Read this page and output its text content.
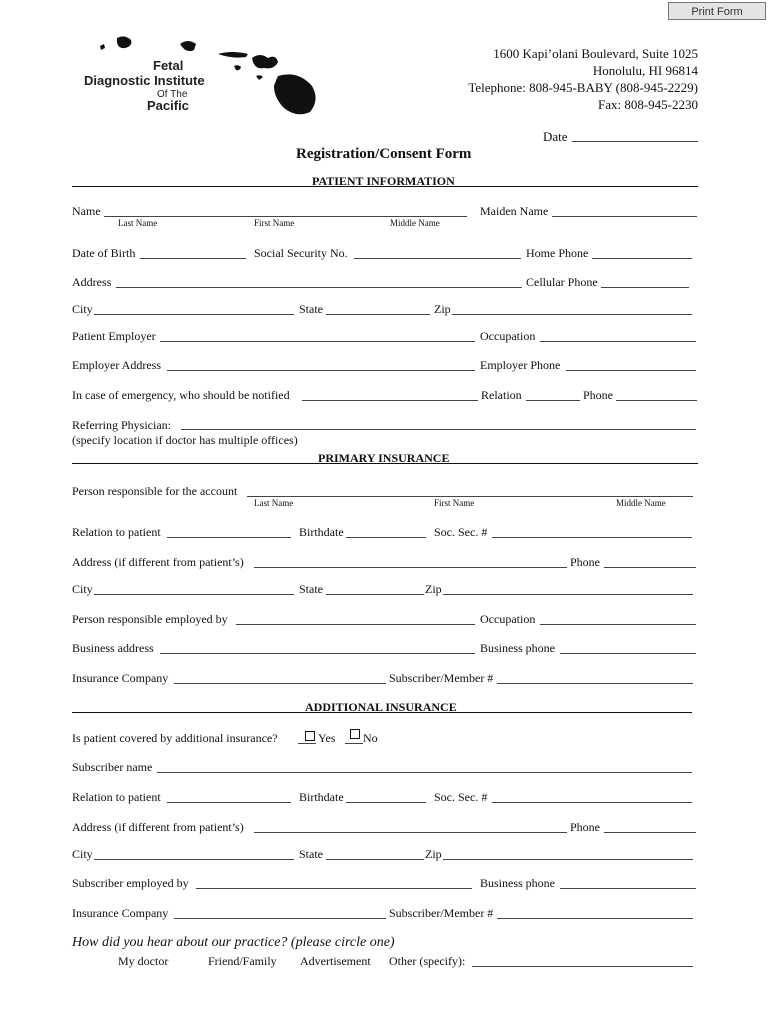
Print Form
Fetal
Diagnostic Institute
Of The
Pacific
1600 Kapi’olani Boulevard, Suite 1025
Honolulu, HI 96814
Telephone: 808-945-BABY (808-945-2229)
Fax: 808-945-2230
Date
Registration/Consent Form
PATIENT INFORMATION
Name	Maiden Name
Last Name	First Name	Middle Name
Date of Birth	Social Security No.	Home Phone
Address	Cellular Phone
City	State	Zip
Patient Employer	Occupation
Employer Address	Employer Phone
In case of emergency, who should be notified	Relation	Phone
Referring Physician:
(specify location if doctor has multiple offices)
PRIMARY INSURANCE
Person responsible for the account
Last Name	First Name	Middle Name
Relation to patient	Birthdate	Soc. Sec. #
Address (if different from patient’s)	Phone
City	State	Zip
Person responsible employed by	Occupation
Business address	Business phone
Insurance Company	Subscriber/Member #
ADDITIONAL INSURANCE
Is patient covered by additional insurance?	Yes No
Subscriber name
Relation to patient	Birthdate	Soc. Sec. #
Address (if different from patient’s)	Phone
City	State	Zip
Subscriber employed by	Business phone
Insurance Company	Subscriber/Member #
How did you hear about our practice? (please circle one)
My doctor	Friend/Family Advertisement Other (specify):
